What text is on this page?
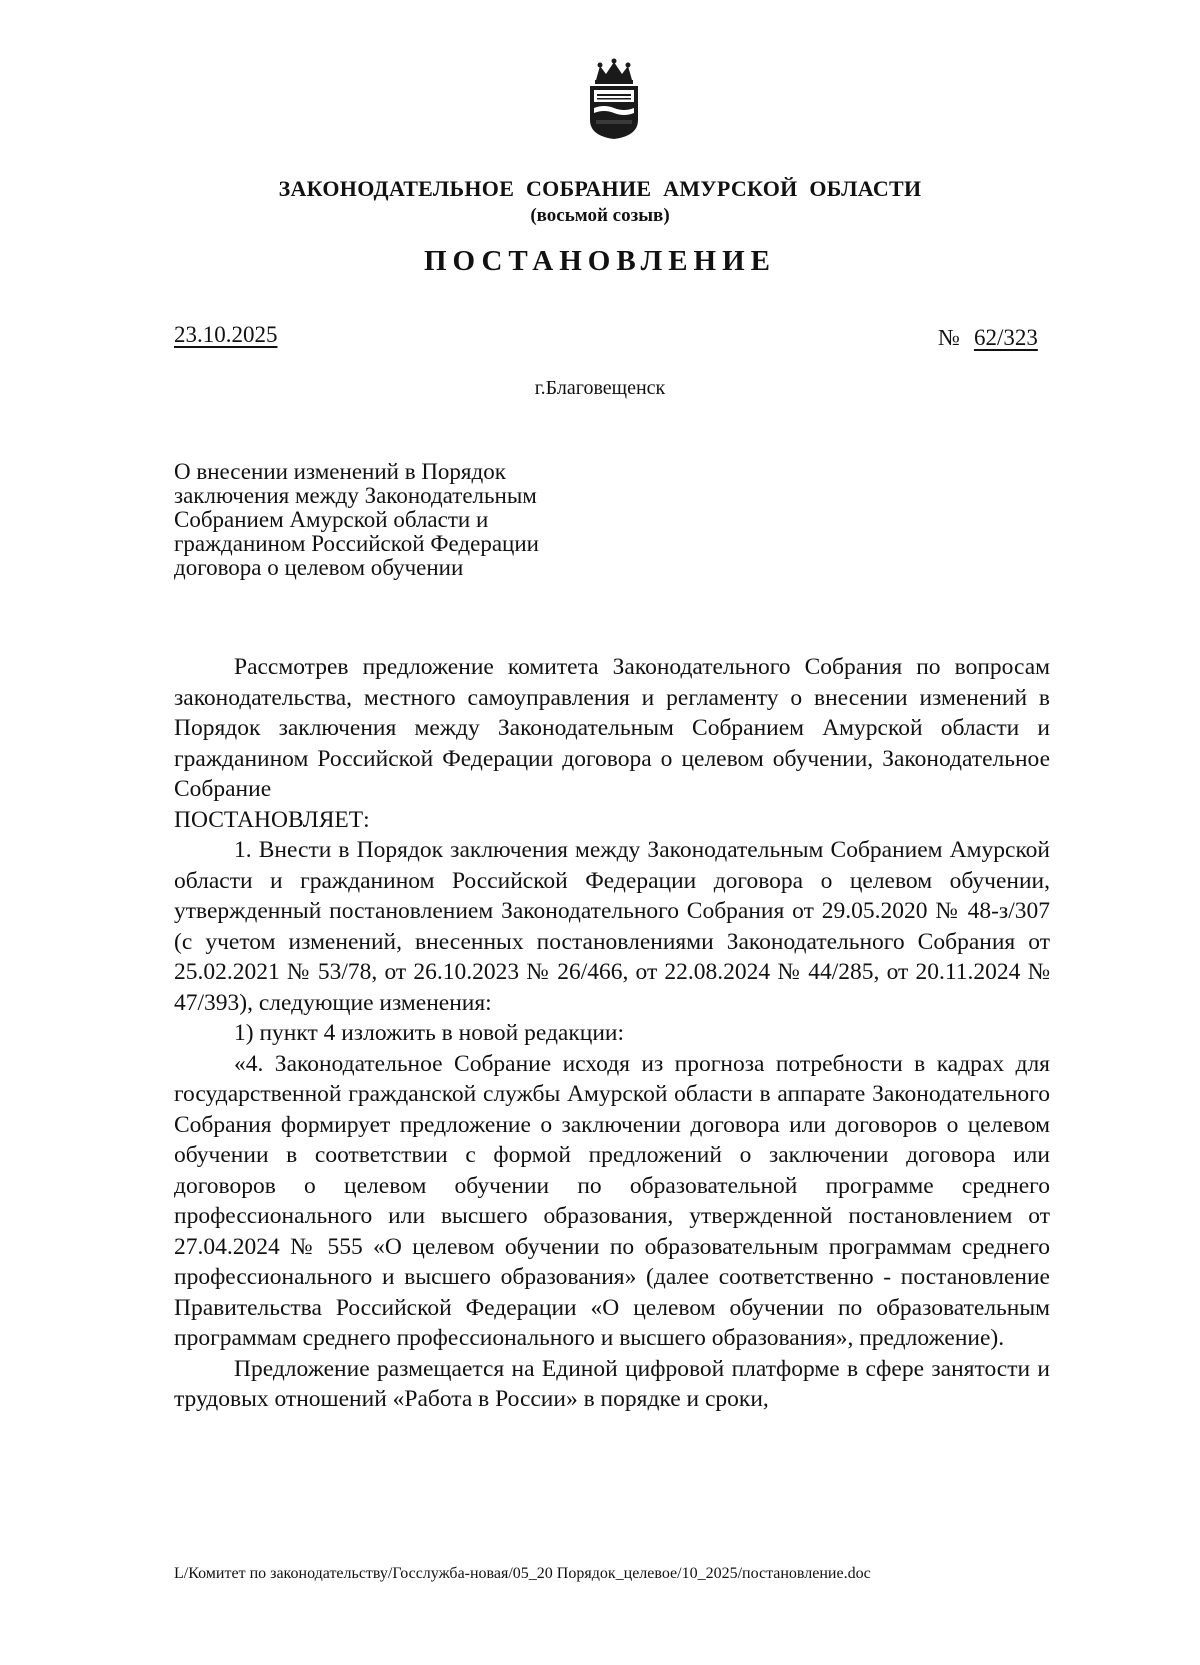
ЗАКОНОДАТЕЛЬНОЕ СОБРАНИЕ АМУРСКОЙ ОБЛАСТИ
(восьмой созыв)
ПОСТАНОВЛЕНИЕ
23.10.2025	№ 62/323
г.Благовещенск
О внесении изменений в Порядок
заключения между Законодательным
Собранием Амурской области и
гражданином Российской Федерации
договора о целевом обучении

Рассмотрев предложение комитета Законодательного Собрания по вопросам законодательства, местного самоуправления и регламенту о внесении изменений в Порядок заключения между Законодательным Собранием Амурской области и гражданином Российской Федерации договора о целевом обучении, Законодательное Собрание

ПОСТАНОВЛЯЕТ:

1. Внести в Порядок заключения между Законодательным Собранием Амурской области и гражданином Российской Федерации договора о целевом обучении, утвержденный постановлением Законодательного Собрания от 29.05.2020 № 48-з/307 (с учетом изменений, внесенных постановлениями Законодательного Собрания от 25.02.2021 № 53/78, от 26.10.2023 № 26/466, от 22.08.2024 № 44/285, от 20.11.2024 № 47/393), следующие изменения:

1) пункт 4 изложить в новой редакции:

«4. Законодательное Собрание исходя из прогноза потребности в кадрах для государственной гражданской службы Амурской области в аппарате Законодательного Собрания формирует предложение о заключении договора или договоров о целевом обучении в соответствии с формой предложений о заключении договора или договоров о целевом обучении по образовательной программе среднего профессионального или высшего образования, утвержденной постановлением от 27.04.2024 № 555 «О целевом обучении по образовательным программам среднего профессионального и высшего образования» (далее соответственно - постановление Правительства Российской Федерации «О целевом обучении по образовательным программам среднего профессионального и высшего образования», предложение).

Предложение размещается на Единой цифровой платформе в сфере занятости и трудовых отношений «Работа в России» в порядке и сроки,

L/Комитет по законодательству/Госслужба-новая/05_20 Порядок_целевое/10_2025/постановление.doc
